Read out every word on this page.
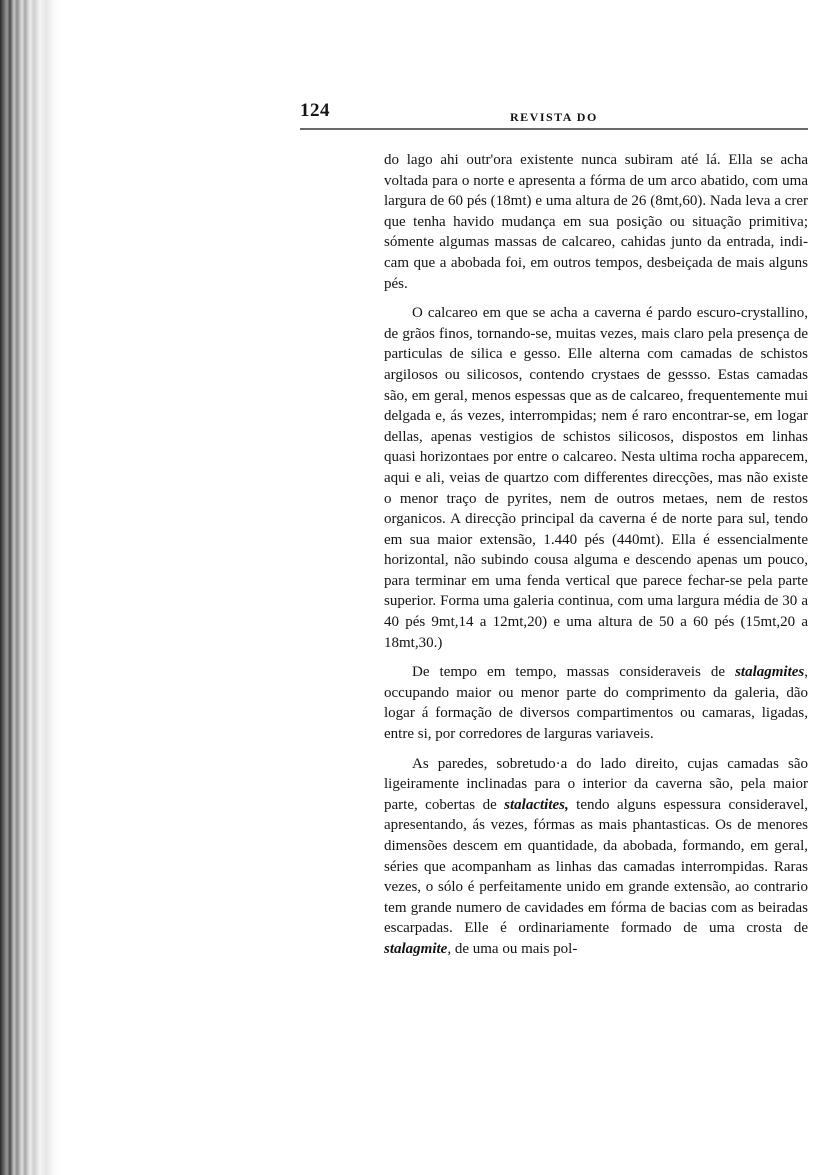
124	REVISTA DO

do lago ahi outr'ora existente nunca subiram até lá. Ella se acha voltada para o norte e apresenta a fórma de um arco abatido, com uma largura de 60 pés (18mt) e uma altura de 26 (8mt,60). Nada leva a crer que tenha havido mudança em sua posição ou situação primitiva; sómente algumas massas de calcareo, cahidas junto da entrada, indicam que a abobada foi, em outros tempos, desbeiçada de mais alguns pés.

O calcareo em que se acha a caverna é pardo escuro-crystallino, de grãos finos, tornando-se, muitas vezes, mais claro pela presença de particulas de silica e gesso. Elle alterna com camadas de schistos argilosos ou silicosos, contendo crystaes de gessso. Estas camadas são, em geral, menos espessas que as de calcareo, frequentemente mui delgada e, ás vezes, interrompidas; nem é raro encontrar-se, em logar dellas, apenas vestigios de schistos silicosos, dispostos em linhas quasi horizontaes por entre o calcareo. Nesta ultima rocha apparecem, aqui e ali, veias de quartzo com differentes direcções, mas não existe o menor traço de pyrites, nem de outros metaes, nem de restos organicos. A direcção principal da caverna é de norte para sul, tendo em sua maior extensão, 1.440 pés (440mt). Ella é essencialmente horizontal, não subindo cousa alguma e descendo apenas um pouco, para terminar em uma fenda vertical que parece fechar-se pela parte superior. Forma uma galeria continua, com uma largura média de 30 a 40 pés 9mt,14 a 12mt,20) e uma altura de 50 a 60 pés (15mt,20 a 18mt,30.)

De tempo em tempo, massas consideraveis de stalagmites, occupando maior ou menor parte do comprimento da galeria, dão logar á formação de diversos compartimentos ou camaras, ligadas, entre si, por corredores de larguras variaveis.

As paredes, sobretudo·a do lado direito, cujas camadas são ligeiramente inclinadas para o interior da caverna são, pela maior parte, cobertas de stalactites, tendo alguns espessura consideravel, apresentando, ás vezes, fórmas as mais phantasticas. Os de menores dimensões descem em quantidade, da abobada, formando, em geral, séries que acompanham as linhas das camadas interrompidas. Raras vezes, o sólo é perfeitamente unido em grande extensão, ao contrario tem grande numero de cavidades em fórma de bacias com as beiradas escarpadas. Elle é ordinariamente formado de uma crosta de stalagmite, de uma ou mais pol-
